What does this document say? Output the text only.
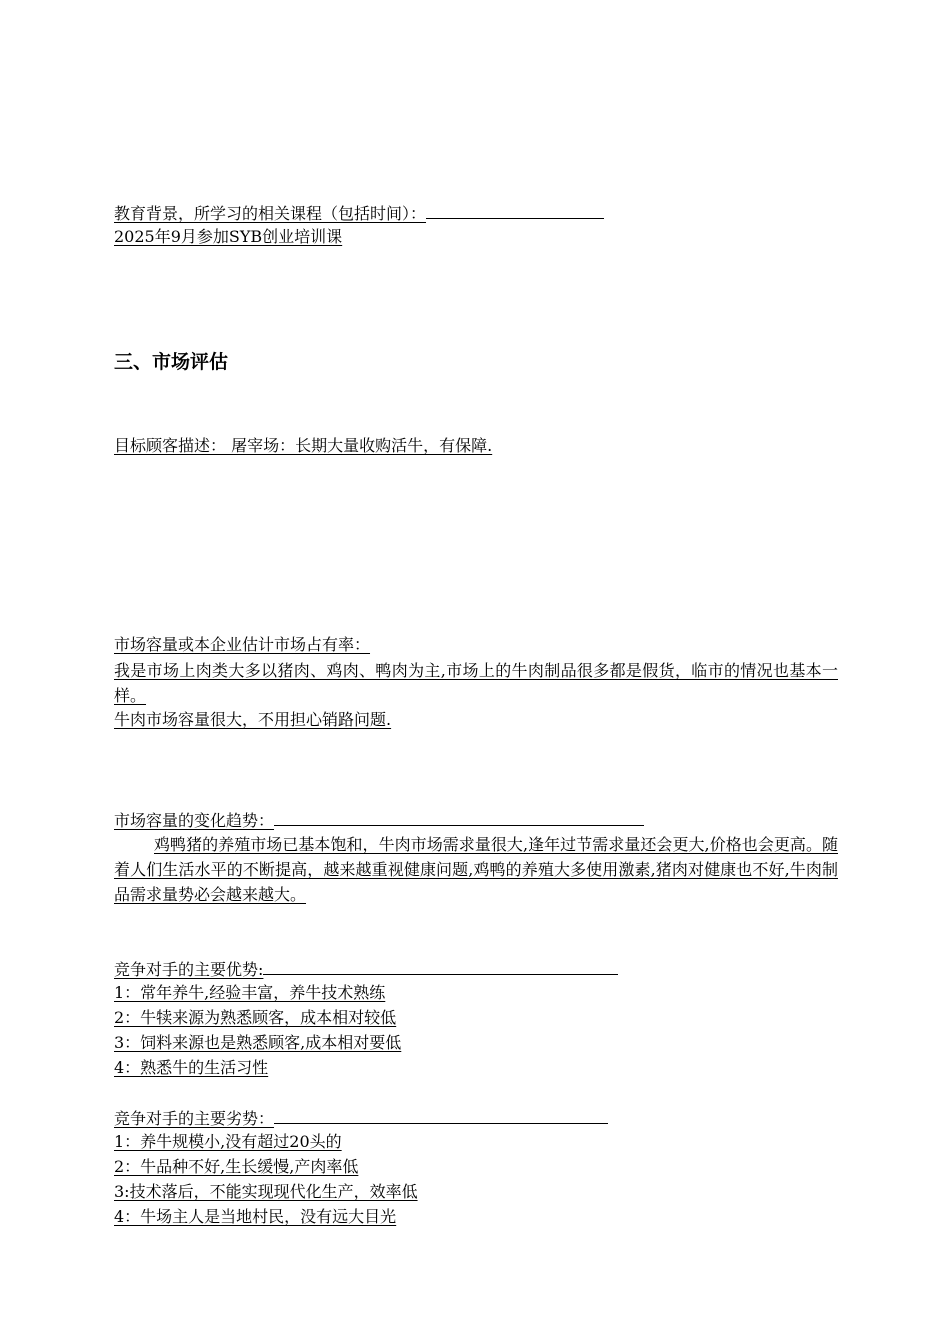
教育背景，所学习的相关课程（包括时间）：
2025年9月参加SYB创业培训课
三、市场评估
目标顾客描述： 屠宰场：长期大量收购活牛，有保障.
市场容量或本企业估计市场占有率：
我是市场上肉类大多以猪肉、鸡肉、鸭肉为主,市场上的牛肉制品很多都是假货，临市的情况也基本一样。
牛肉市场容量很大，不用担心销路问题.
市场容量的变化趋势：
鸡鸭猪的养殖市场已基本饱和，牛肉市场需求量很大,逢年过节需求量还会更大,价格也会更高。随着人们生活水平的不断提高，越来越重视健康问题,鸡鸭的养殖大多使用激素,猪肉对健康也不好,牛肉制品需求量势必会越来越大。
竞争对手的主要优势:
1：常年养牛,经验丰富，养牛技术熟练
2：牛犊来源为熟悉顾客，成本相对较低
3：饲料来源也是熟悉顾客,成本相对要低
4：熟悉牛的生活习性
竞争对手的主要劣势：
1：养牛规模小,没有超过20头的
2：牛品种不好,生长缓慢,产肉率低
3:技术落后，不能实现现代化生产，效率低
4：牛场主人是当地村民，没有远大目光
